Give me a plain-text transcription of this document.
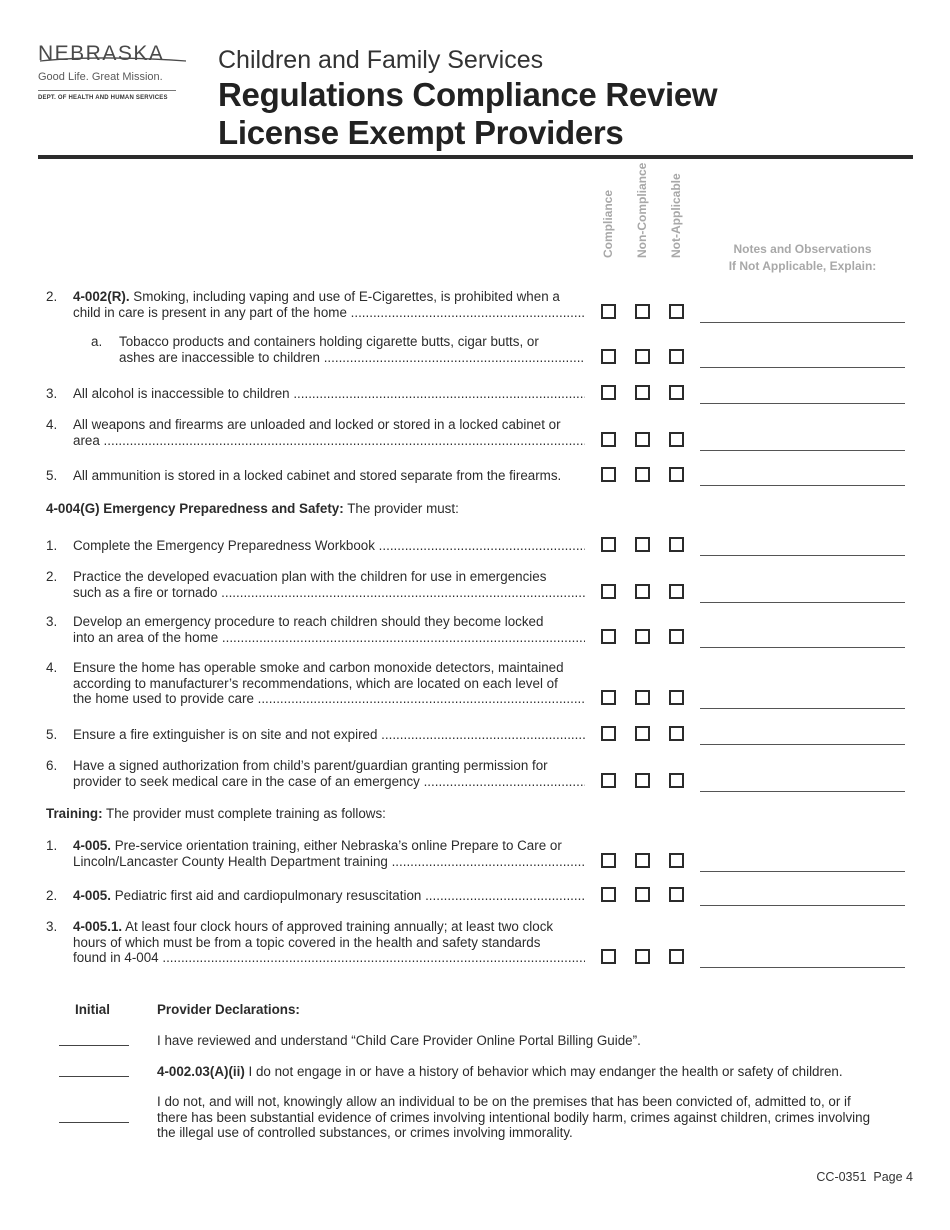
NEBRASKA
Good Life. Great Mission.
DEPT. OF HEALTH AND HUMAN SERVICES
Children and Family Services
Regulations Compliance Review
License Exempt Providers
Compliance Non-Compliance Not-Applicable	Notes and Observations
If Not Applicable, Explain:
2. 4-002(R). Smoking, including vaping and use of E-Cigarettes, is prohibited when a
child in care is present in any part of the home .....
a. Tobacco products and containers holding cigarette butts, cigar butts, or
ashes are inaccessible to children .....
3. All alcohol is inaccessible to children .....
4. All weapons and firearms are unloaded and locked or stored in a locked cabinet or
area .....
5. All ammunition is stored in a locked cabinet and stored separate from the firearms.
1. Complete the Emergency Preparedness Workbook .....
2. Practice the developed evacuation plan with the children for use in emergencies
such as a fire or tornado .....
3. Develop an emergency procedure to reach children should they become locked
into an area of the home .....
4. Ensure the home has operable smoke and carbon monoxide detectors, maintained
according to manufacturer’s recommendations, which are located on each level of
the home used to provide care .....
5. Ensure a fire extinguisher is on site and not expired .....
6. Have a signed authorization from child’s parent/guardian granting permission for
provider to seek medical care in the case of an emergency .....
1. 4-005. Pre-service orientation training, either Nebraska’s online Prepare to Care or
Lincoln/Lancaster County Health Department training .....
2. 4-005. Pediatric first aid and cardiopulmonary resuscitation .....
3. 4-005.1. At least four clock hours of approved training annually; at least two clock
hours of which must be from a topic covered in the health and safety standards
found in 4-004 .....
4-004(G) Emergency Preparedness and Safety: The provider must:
Training: The provider must complete training as follows:
Initial	Provider Declarations:
I have reviewed and understand “Child Care Provider Online Portal Billing Guide”.
4-002.03(A)(ii) I do not engage in or have a history of behavior which may endanger the health or safety of children.
I do not, and will not, knowingly allow an individual to be on the premises that has been convicted of, admitted to, or if
there has been substantial evidence of crimes involving intentional bodily harm, crimes against children, crimes involving
the illegal use of controlled substances, or crimes involving immorality.
CC-0351 Page 4
